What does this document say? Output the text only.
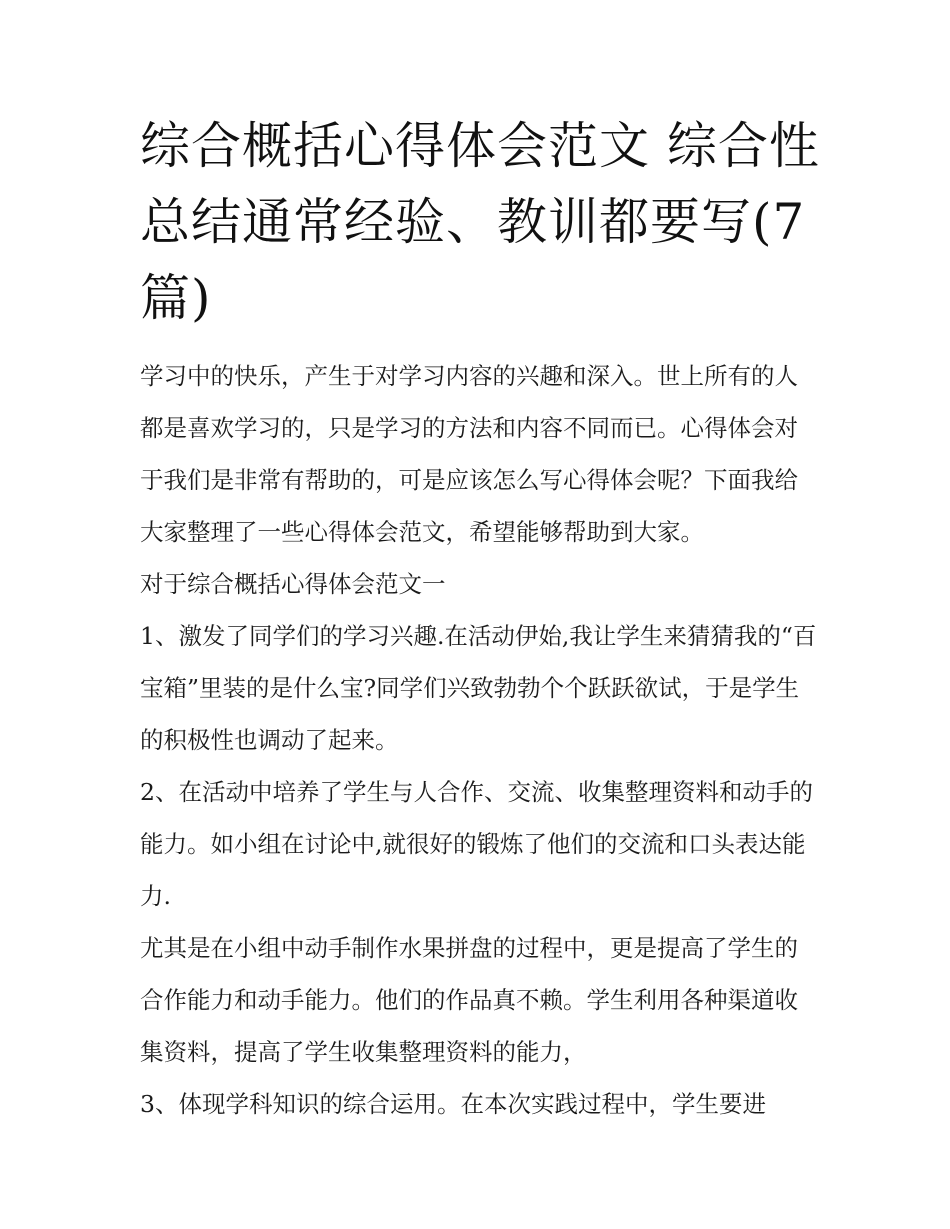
综合概括心得体会范文 综合性总结通常经验、教训都要写(7篇)

学习中的快乐，产生于对学习内容的兴趣和深入。世上所有的人都是喜欢学习的，只是学习的方法和内容不同而已。心得体会对于我们是非常有帮助的，可是应该怎么写心得体会呢？下面我给大家整理了一些心得体会范文，希望能够帮助到大家。

对于综合概括心得体会范文一

1、激发了同学们的学习兴趣.在活动伊始,我让学生来猜猜我的“百宝箱”里装的是什么宝?同学们兴致勃勃个个跃跃欲试，于是学生的积极性也调动了起来。

2、在活动中培养了学生与人合作、交流、收集整理资料和动手的能力。如小组在讨论中,就很好的锻炼了他们的交流和口头表达能力.

尤其是在小组中动手制作水果拼盘的过程中，更是提高了学生的合作能力和动手能力。他们的作品真不赖。学生利用各种渠道收集资料，提高了学生收集整理资料的能力，

3、体现学科知识的综合运用。在本次实践过程中，学生要进
